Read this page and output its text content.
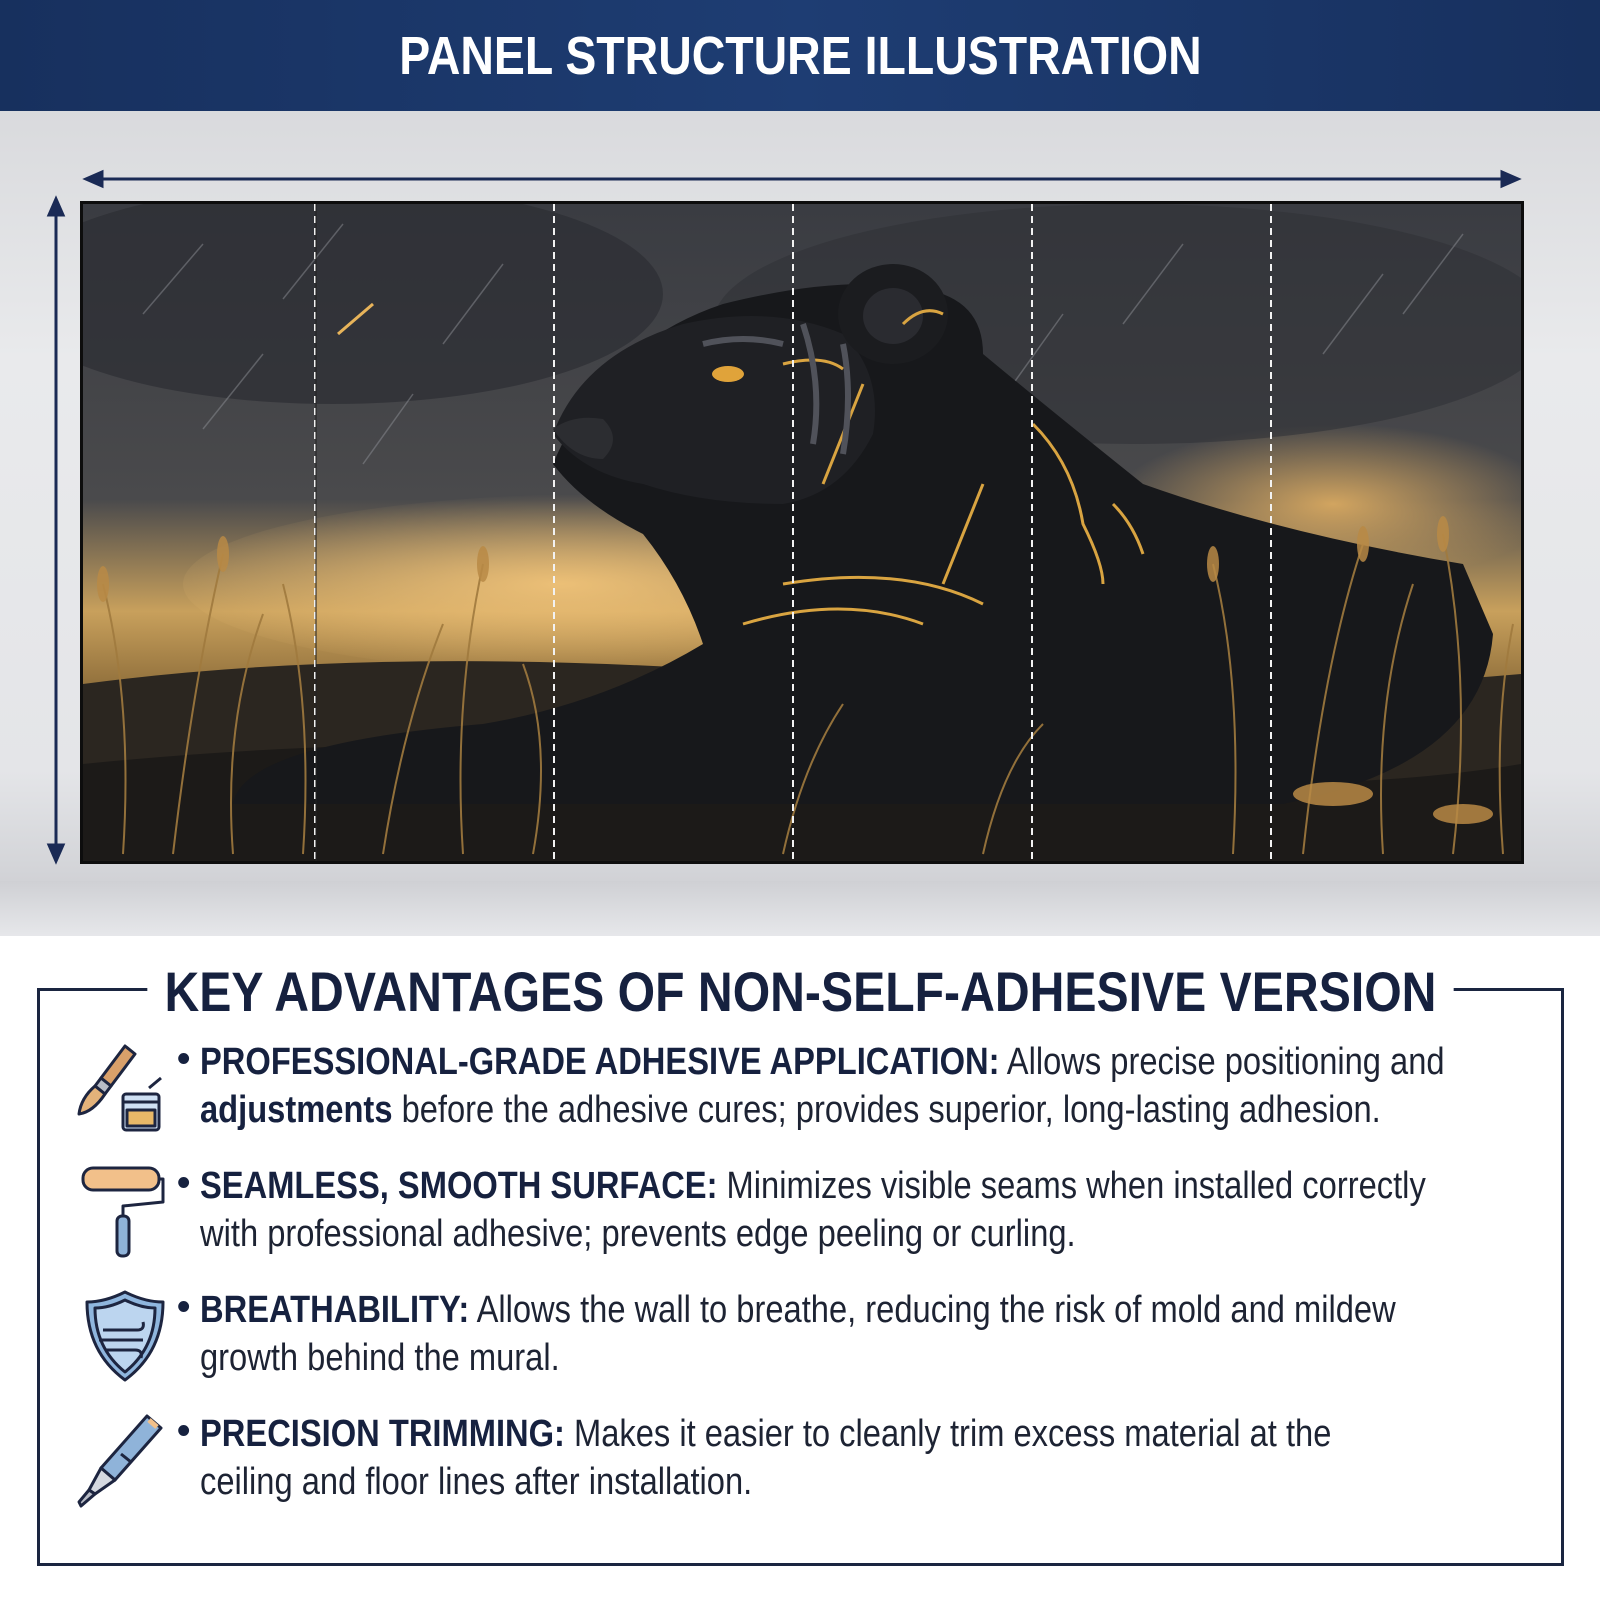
PANEL STRUCTURE ILLUSTRATION
KEY ADVANTAGES OF NON-SELF-ADHESIVE VERSION
• PROFESSIONAL-GRADE ADHESIVE APPLICATION: Allows precise positioning and
adjustments before the adhesive cures; provides superior, long-lasting adhesion.
• SEAMLESS, SMOOTH SURFACE: Minimizes visible seams when installed correctly
with professional adhesive; prevents edge peeling or curling.
• BREATHABILITY: Allows the wall to breathe, reducing the risk of mold and mildew
growth behind the mural.
• PRECISION TRIMMING: Makes it easier to cleanly trim excess material at the
ceiling and floor lines after installation.
